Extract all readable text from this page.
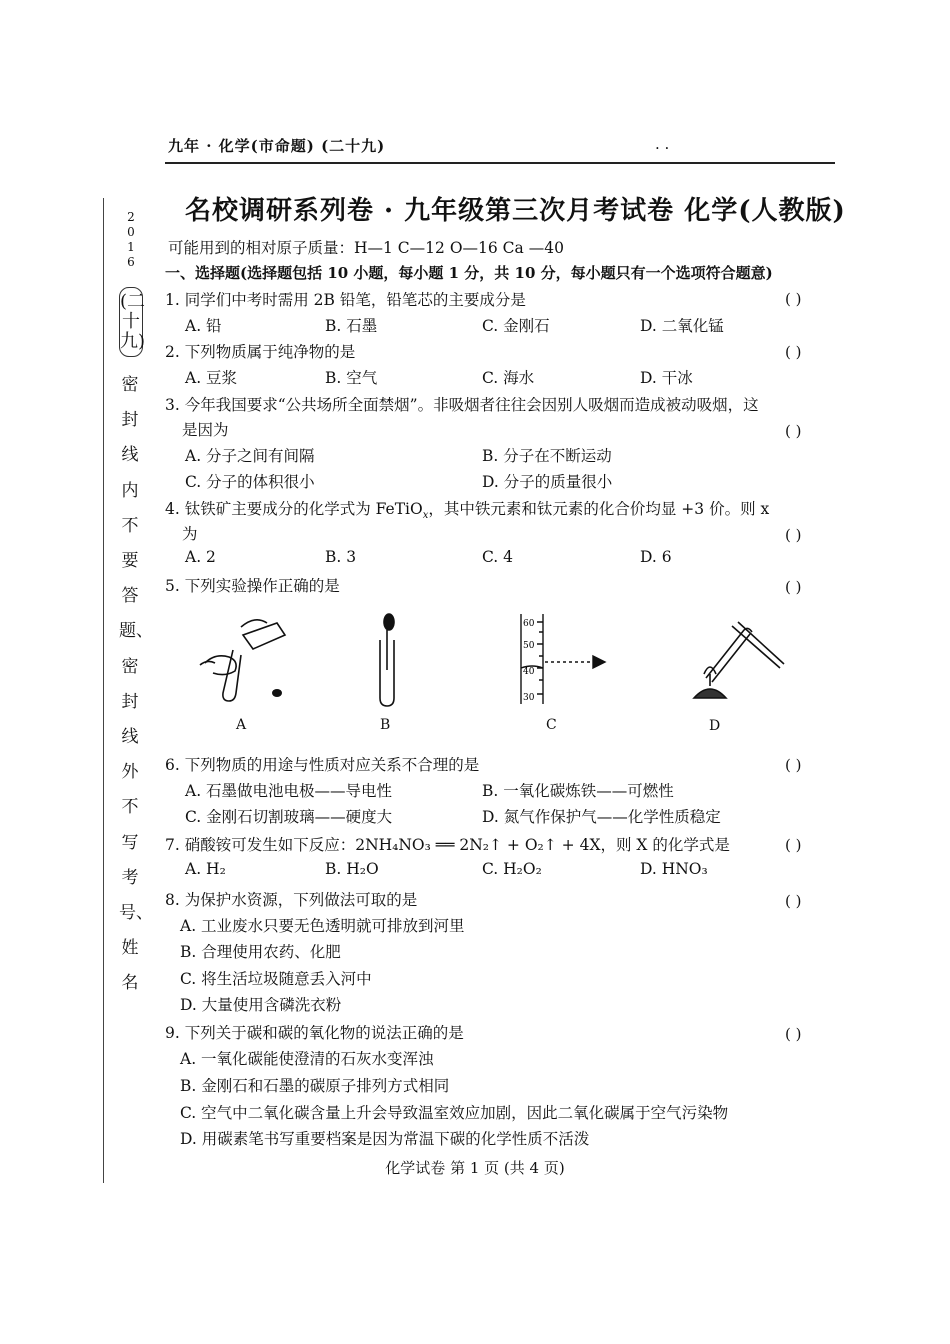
九年 · 化学(市命题) (二十九)	. .
2016
(二十九)
密封线内不要答题、密封线外不写考号、姓名
名校调研系列卷 · 九年级第三次月考试卷 化学(人教版)
可能用到的相对原子质量：H—1 C—12 O—16 Ca —40
一、选择题(选择题包括 10 小题，每小题 1 分，共 10 分，每小题只有一个选项符合题意)
1. 同学们中考时需用 2B 铅笔，铅笔芯的主要成分是	( )
A. 铅	B. 石墨	C. 金刚石	D. 二氧化锰
2. 下列物质属于纯净物的是	( )
A. 豆浆	B. 空气	C. 海水	D. 干冰
3. 今年我国要求“公共场所全面禁烟”。非吸烟者往往会因别人吸烟而造成被动吸烟，这
是因为	( )
A. 分子之间有间隔	B. 分子在不断运动
C. 分子的体积很小	D. 分子的质量很小
4. 钛铁矿主要成分的化学式为 FeTiO$_x$，其中铁元素和钛元素的化合价均显 +3 价。则 x
为	( )
A. 2	B. 3	C. 4	D. 6
5. 下列实验操作正确的是	( )
A	B
60
50
40
30
C	D
6. 下列物质的用途与性质对应关系不合理的是	( )
A. 石墨做电池电极——导电性	B. 一氧化碳炼铁——可燃性
C. 金刚石切割玻璃——硬度大	D. 氮气作保护气——化学性质稳定
7. 硝酸铵可发生如下反应：2NH₄NO₃ ══ 2N₂↑ + O₂↑ + 4X，则 X 的化学式是	( )
A. H₂	B. H₂O	C. H₂O₂	D. HNO₃
8. 为保护水资源，下列做法可取的是	( )
A. 工业废水只要无色透明就可排放到河里
B. 合理使用农药、化肥
C. 将生活垃圾随意丢入河中
D. 大量使用含磷洗衣粉
9. 下列关于碳和碳的氧化物的说法正确的是	( )
A. 一氧化碳能使澄清的石灰水变浑浊
B. 金刚石和石墨的碳原子排列方式相同
C. 空气中二氧化碳含量上升会导致温室效应加剧，因此二氧化碳属于空气污染物
D. 用碳素笔书写重要档案是因为常温下碳的化学性质不活泼
化学试卷 第 1 页 (共 4 页)
